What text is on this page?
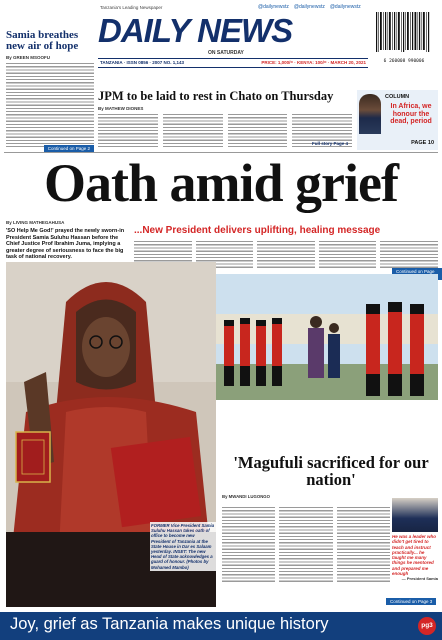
Samia breathes new air of hope
By GREEN MSOOFU
Continued on Page 2
Tanzania's Leading Newspaper	@dailynewstz @dailynewstz @dailynewstz
DAILY NEWS
ON SATURDAY
TANZANIA · ISSN 0856 · 2007 NO. 1,143	PRICE: 1,000/= · KENYA: 100/= · MARCH 20, 2021	6 260008 990006
JPM to be laid to rest in Chato on Thursday
By MATHEW DIONES
Full story Page 4
COLUMN
In Africa, we honour the dead, period
PAGE 10
Oath amid grief
By LIVING MATHEGAHUSA
...New President delivers uplifting, healing message
'SO Help Me God!' prayed the newly sworn-in President Samia Suluhu Hassan before the Chief Justice Prof Ibrahim Juma, implying a greater degree of seriousness to face the big task of national recovery.
Continued on Page
FORMER Vice President Samia Suluhu Hassan takes oath of office to become new President of Tanzania at the State House in Dar es Salaam yesterday. INSET: The new Head of State acknowledges a guard of honour. (Photos by Mohamed Mambo)
'Magufuli sacrificed for our nation'
By MWANDI LUGONGO
He was a leader who didn't get tired to teach and instruct practically... he taught me many things he mentored and prepared me enough
— President Samia
Continued on Page 3
Joy, grief as Tanzania makes unique history	pg3
